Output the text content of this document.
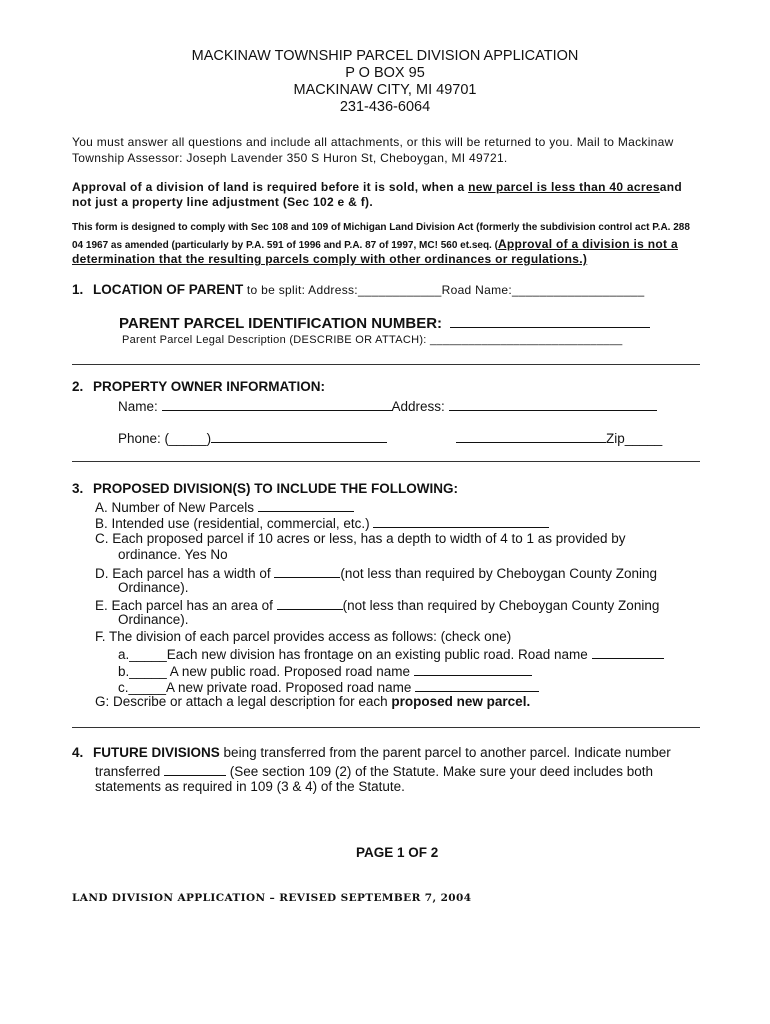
MACKINAW TOWNSHIP PARCEL DIVISION APPLICATION
P O BOX 95
MACKINAW CITY, MI 49701
231-436-6064
You must answer all questions and include all attachments, or this will be returned to you. Mail to Mackinaw
Township Assessor: Joseph Lavender 350 S Huron St, Cheboygan, MI 49721.
Approval of a division of land is required before it is sold, when a new parcel is less than 40 acresand
not just a property line adjustment (Sec 102 e & f).
This form is designed to comply with Sec 108 and 109 of Michigan Land Division Act (formerly the subdivision control act P.A. 288
04 1967 as amended (particularly by P.A. 591 of 1996 and P.A. 87 of 1997, MC! 560 et.seq. (Approval of a division is not a
determination that the resulting parcels comply with other ordinances or regulations.)
1. LOCATION OF PARENT to be split: Address:____________Road Name:___________________
PARENT PARCEL IDENTIFICATION NUMBER:
Parent Parcel Legal Description (DESCRIBE OR ATTACH): ______________________________
2. PROPERTY OWNER INFORMATION:
Name:	Address:
Phone: (_____)	Zip_____
3. PROPOSED DIVISION(S) TO INCLUDE THE FOLLOWING:
A. Number of New Parcels
B. Intended use (residential, commercial, etc.)
C. Each proposed parcel if 10 acres or less, has a depth to width of 4 to 1 as provided by
ordinance. Yes No
D. Each parcel has a width of	(not less than required by Cheboygan County Zoning
Ordinance).
E. Each parcel has an area of	(not less than required by Cheboygan County Zoning
Ordinance).
F. The division of each parcel provides access as follows: (check one)
a._____Each new division has frontage on an existing public road. Road name
b._____ A new public road. Proposed road name
c._____A new private road. Proposed road name
G: Describe or attach a legal description for each proposed new parcel.
4. FUTURE DIVISIONS being transferred from the parent parcel to another parcel. Indicate number
transferred	(See section 109 (2) of the Statute. Make sure your deed includes both
statements as required in 109 (3 & 4) of the Statute.
PAGE 1 OF 2
LAND DIVISION APPLICATION – REVISED SEPTEMBER 7, 2004
